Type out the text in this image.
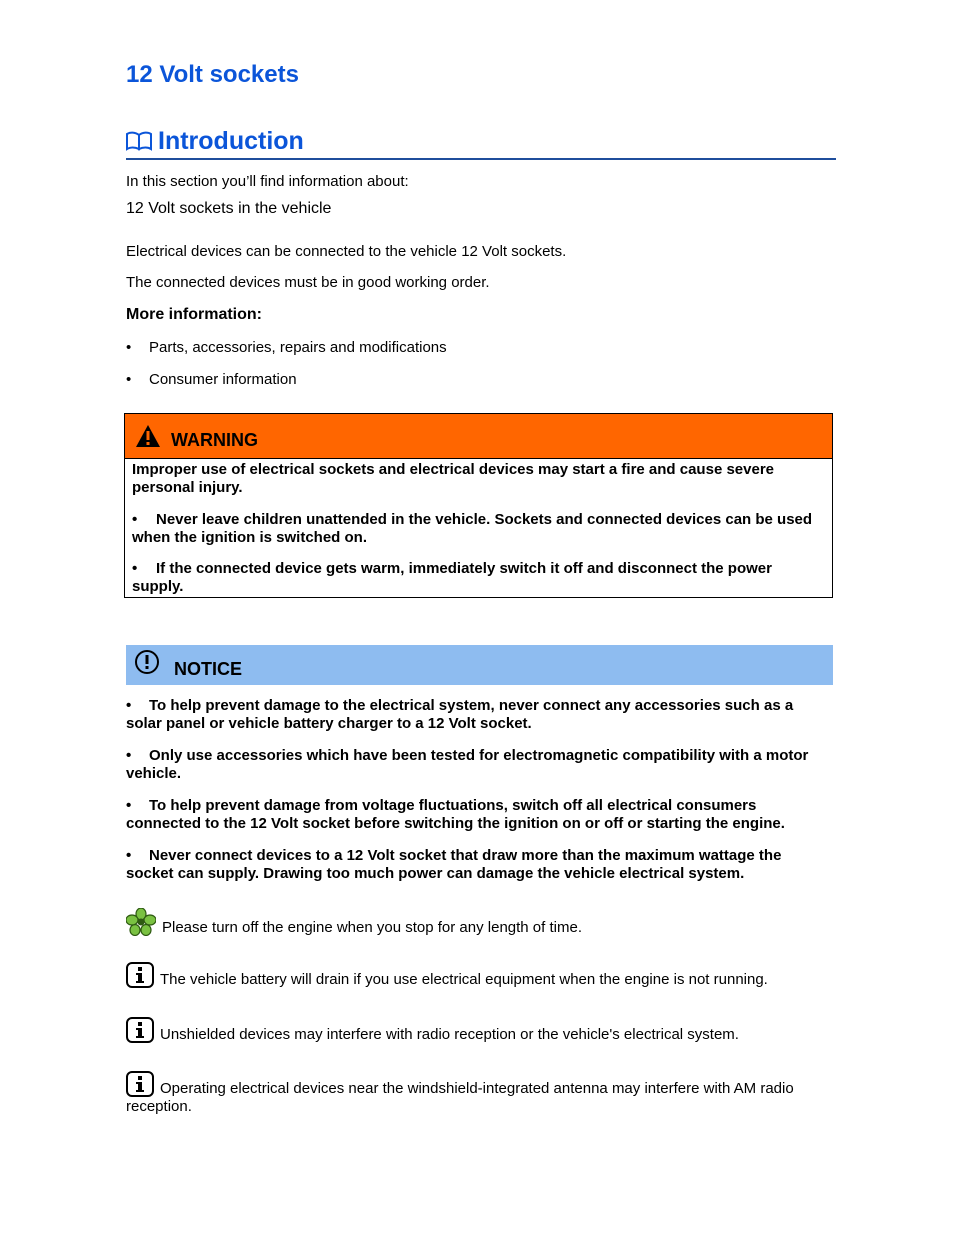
12 Volt sockets
Introduction
In this section you’ll find information about:
12 Volt sockets in the vehicle
Electrical devices can be connected to the vehicle 12 Volt sockets.
The connected devices must be in good working order.
More information:
• Parts, accessories, repairs and modifications
• Consumer information
WARNING
Improper use of electrical sockets and electrical devices may start a fire and cause severe personal injury.
• Never leave children unattended in the vehicle. Sockets and connected devices can be used when the ignition is switched on.
• If the connected device gets warm, immediately switch it off and disconnect the power supply.
NOTICE
• To help prevent damage to the electrical system, never connect any accessories such as a solar panel or vehicle battery charger to a 12 Volt socket.
• Only use accessories which have been tested for electromagnetic compatibility with a motor vehicle.
• To help prevent damage from voltage fluctuations, switch off all electrical consumers connected to the 12 Volt socket before switching the ignition on or off or starting the engine.
• Never connect devices to a 12 Volt socket that draw more than the maximum wattage the socket can supply. Drawing too much power can damage the vehicle electrical system.
Please turn off the engine when you stop for any length of time.
The vehicle battery will drain if you use electrical equipment when the engine is not running.
Unshielded devices may interfere with radio reception or the vehicle's electrical system.
Operating electrical devices near the windshield-integrated antenna may interfere with AM radio reception.
